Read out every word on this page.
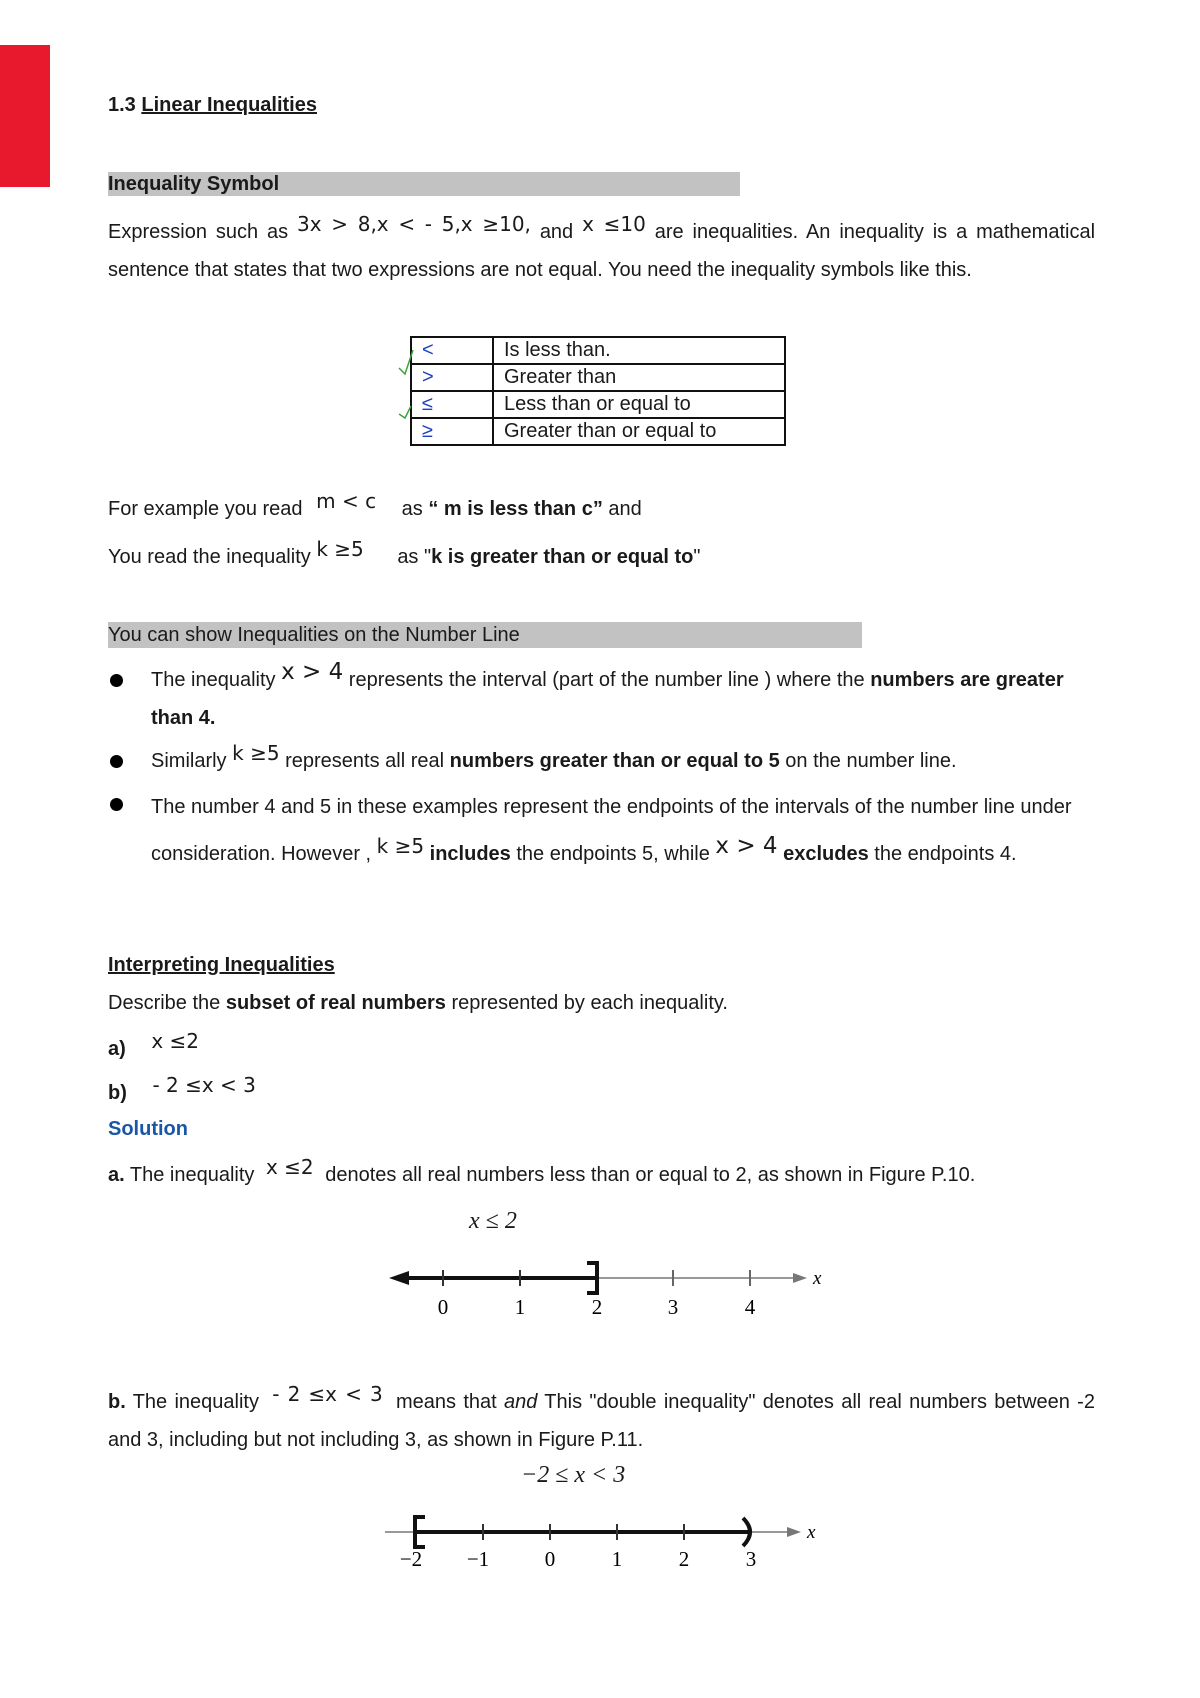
1.3 Linear Inequalities
Inequality Symbol
Expression such as 3x > 8,x < - 5,x ≥10, and x ≤10 are inequalities. An inequality is a mathematical sentence that states that two expressions are not equal. You need the inequality symbols like this.
<	Is less than.
>	Greater than
≤	Less than or equal to
≥	Greater than or equal to
For example you read m < c as “ m is less than c” and
You read the inequality k ≥5 as "k is greater than or equal to"
You can show Inequalities on the Number Line
The inequality x > 4 represents the interval (part of the number line ) where the numbers are greater than 4.
Similarly k ≥5 represents all real numbers greater than or equal to 5 on the number line.
The number 4 and 5 in these examples represent the endpoints of the intervals of the number line under consideration. However , k ≥5 includes the endpoints 5, while x > 4 excludes the endpoints 4.
Interpreting Inequalities
Describe the subset of real numbers represented by each inequality.
a) x ≤2
b) - 2 ≤x < 3
Solution
a. The inequality x ≤2 denotes all real numbers less than or equal to 2, as shown in Figure P.10.
x ≤ 2
0	1	2	3	4
x
b. The inequality - 2 ≤x < 3 means that and This "double inequality" denotes all real numbers between -2 and 3, including but not including 3, as shown in Figure P.11.
−2 ≤ x < 3
−2 −1	0	1	2	3
x
